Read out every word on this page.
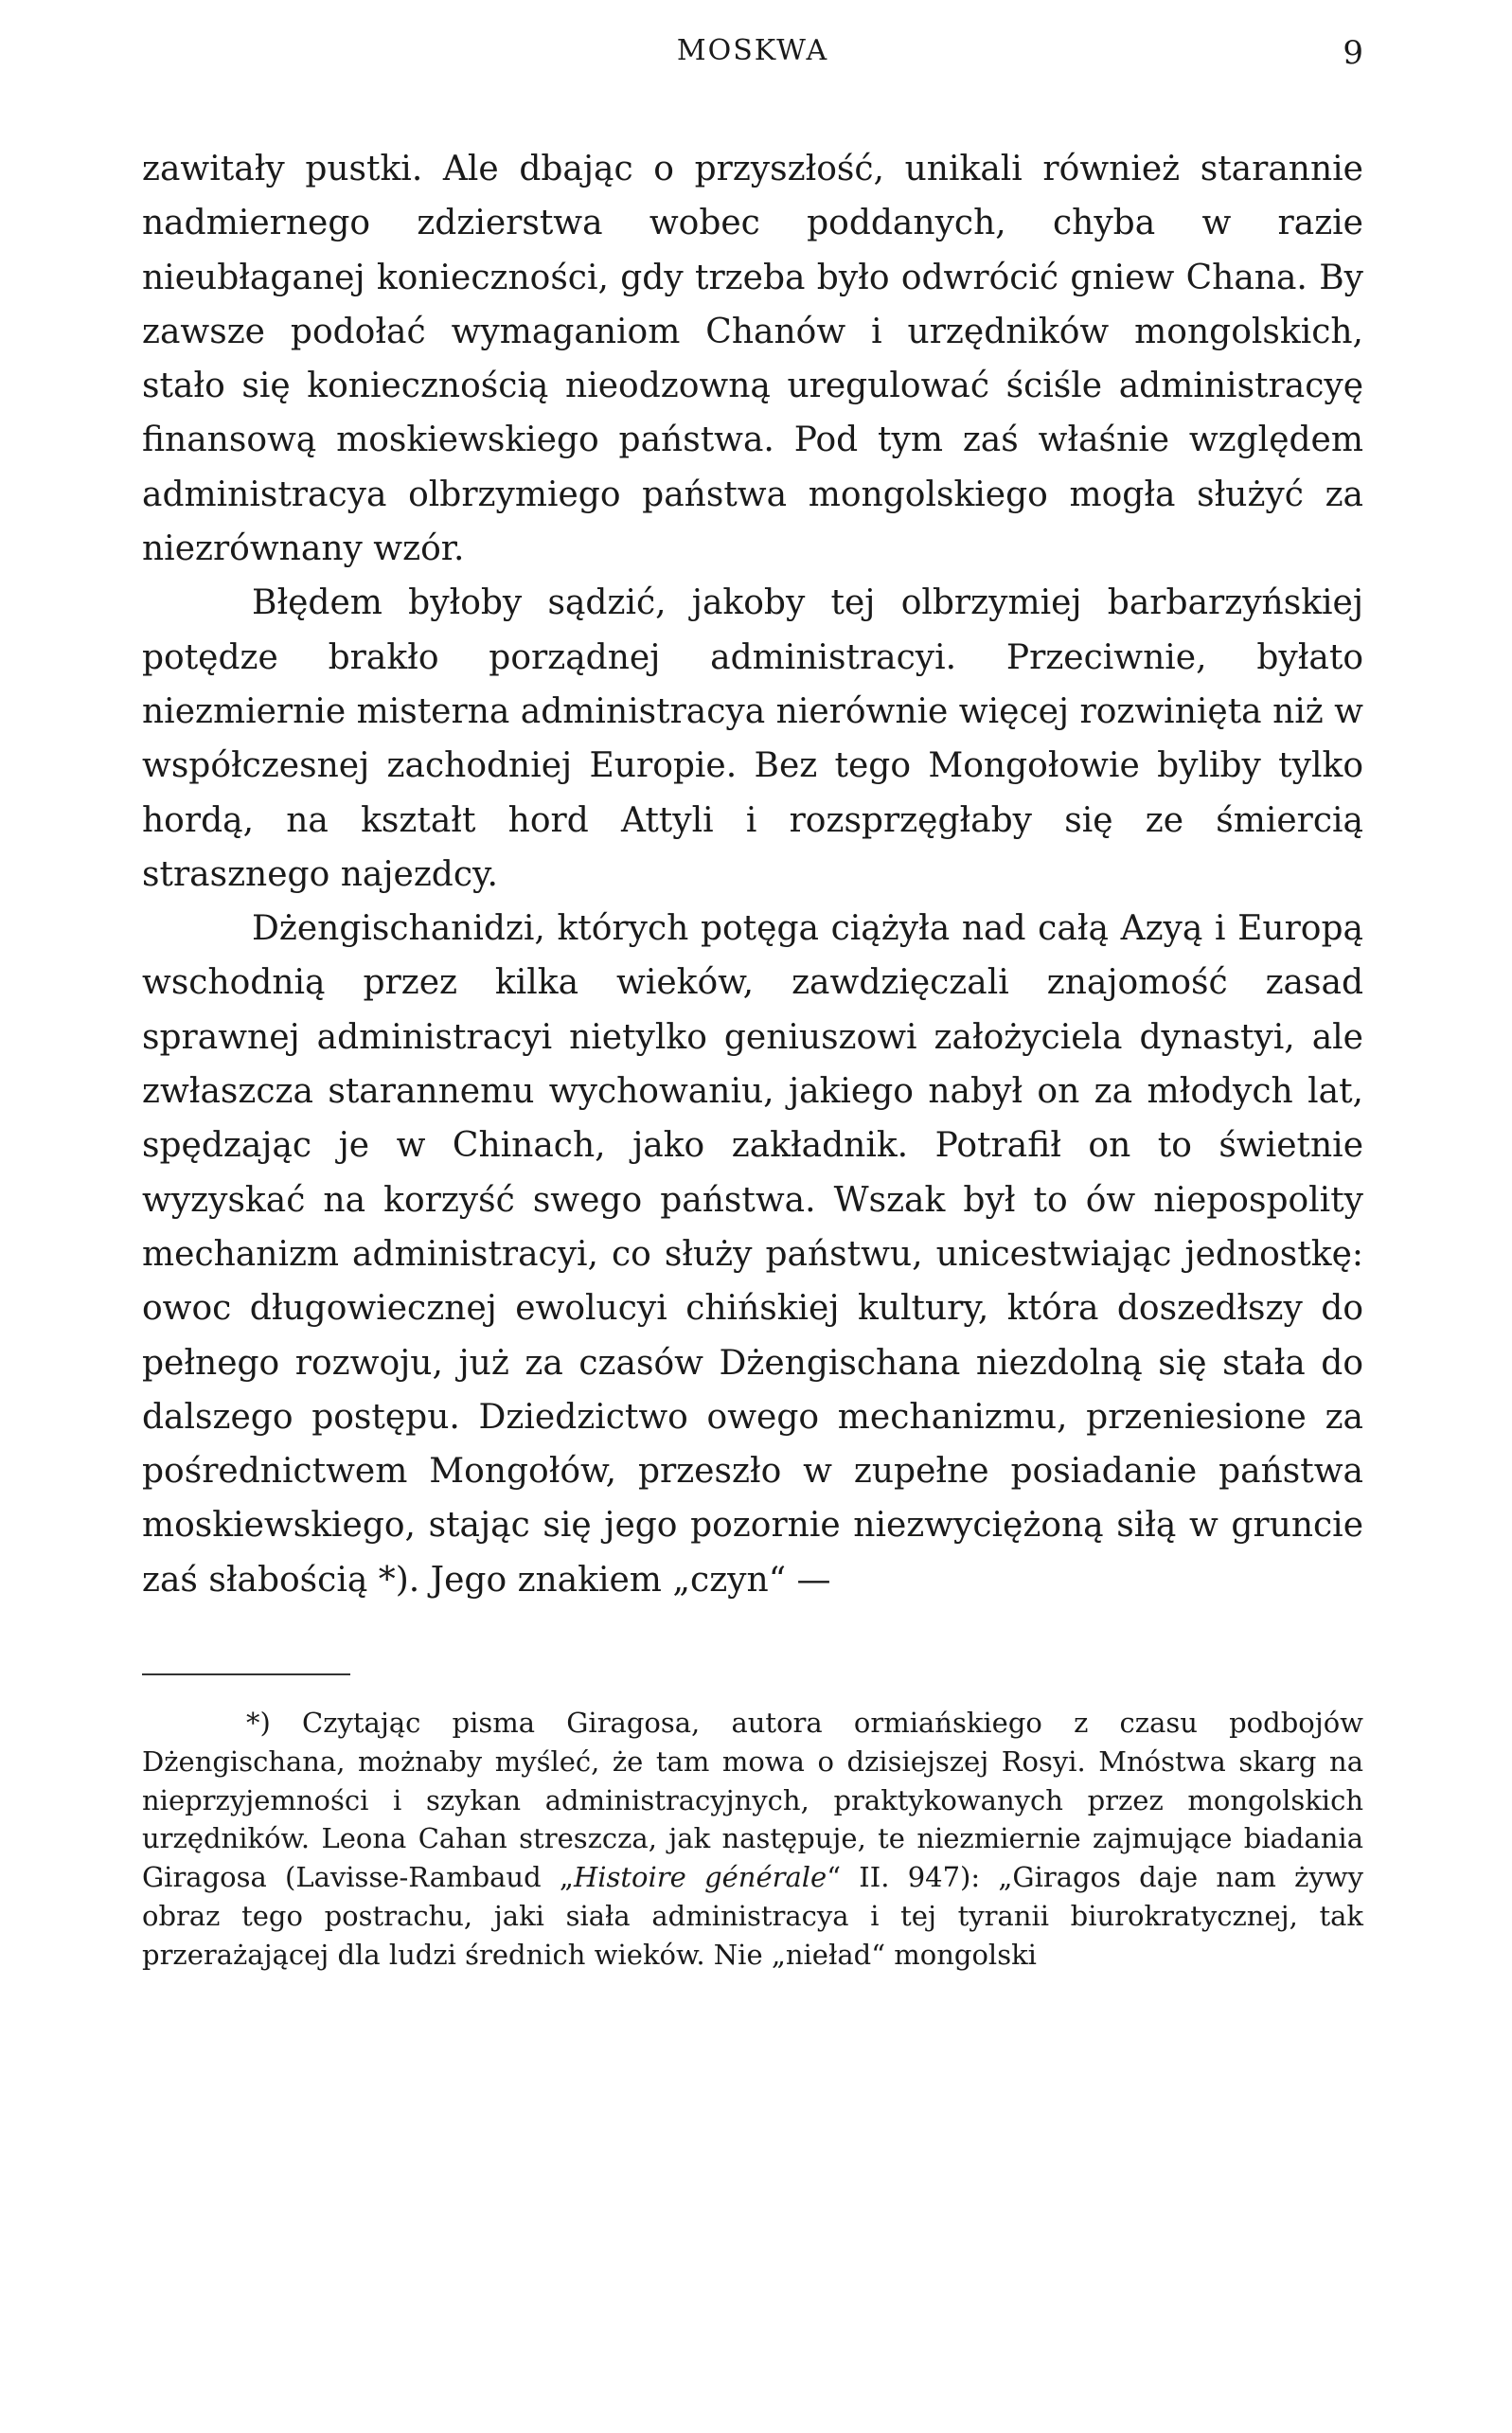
MOSKWA	9

zawitały pustki. Ale dbając o przyszłość, unikali również starannie nadmiernego zdzierstwa wobec poddanych, chyba w razie nieubłaganej konieczności, gdy trzeba było odwrócić gniew Chana. By zawsze podołać wymaganiom Chanów i urzędników mongolskich, stało się koniecznością nieodzowną uregulować ściśle administracyę finansową moskiewskiego państwa. Pod tym zaś właśnie względem administracya olbrzymiego państwa mongolskiego mogła służyć za niezrównany wzór.

Błędem byłoby sądzić, jakoby tej olbrzymiej barbarzyńskiej potędze brakło porządnej administracyi. Przeciwnie, byłato niezmiernie misterna administracya nierównie więcej rozwinięta niż w współczesnej zachodniej Europie. Bez tego Mongołowie byliby tylko hordą, na kształt hord Attyli i rozsprzęgłaby się ze śmiercią strasznego najezdcy.

Dżengischanidzi, których potęga ciążyła nad całą Azyą i Europą wschodnią przez kilka wieków, zawdzięczali znajomość zasad sprawnej administracyi nietylko geniuszowi założyciela dynastyi, ale zwłaszcza starannemu wychowaniu, jakiego nabył on za młodych lat, spędzając je w Chinach, jako zakładnik. Potrafił on to świetnie wyzyskać na korzyść swego państwa. Wszak był to ów niepospolity mechanizm administracyi, co służy państwu, unicestwiając jednostkę: owoc długowiecznej ewolucyi chińskiej kultury, która doszedłszy do pełnego rozwoju, już za czasów Dżengischana niezdolną się stała do dalszego postępu. Dziedzictwo owego mechanizmu, przeniesione za pośrednictwem Mongołów, przeszło w zupełne posiadanie państwa moskiewskiego, stając się jego pozornie niezwyciężoną siłą w gruncie zaś słabością *). Jego znakiem „czyn“ —

*) Czytając pisma Giragosa, autora ormiańskiego z czasu podbojów Dżengischana, możnaby myśleć, że tam mowa o dzisiejszej Rosyi. Mnóstwa skarg na nieprzyjemności i szykan administracyjnych, praktykowanych przez mongolskich urzędników. Leona Cahan streszcza, jak następuje, te niezmiernie zajmujące biadania Giragosa (Lavisse-Rambaud „Histoire générale“ II. 947): „Giragos daje nam żywy obraz tego postrachu, jaki siała administracya i tej tyranii biurokratycznej, tak przerażającej dla ludzi średnich wieków. Nie „nieład“ mongolski
